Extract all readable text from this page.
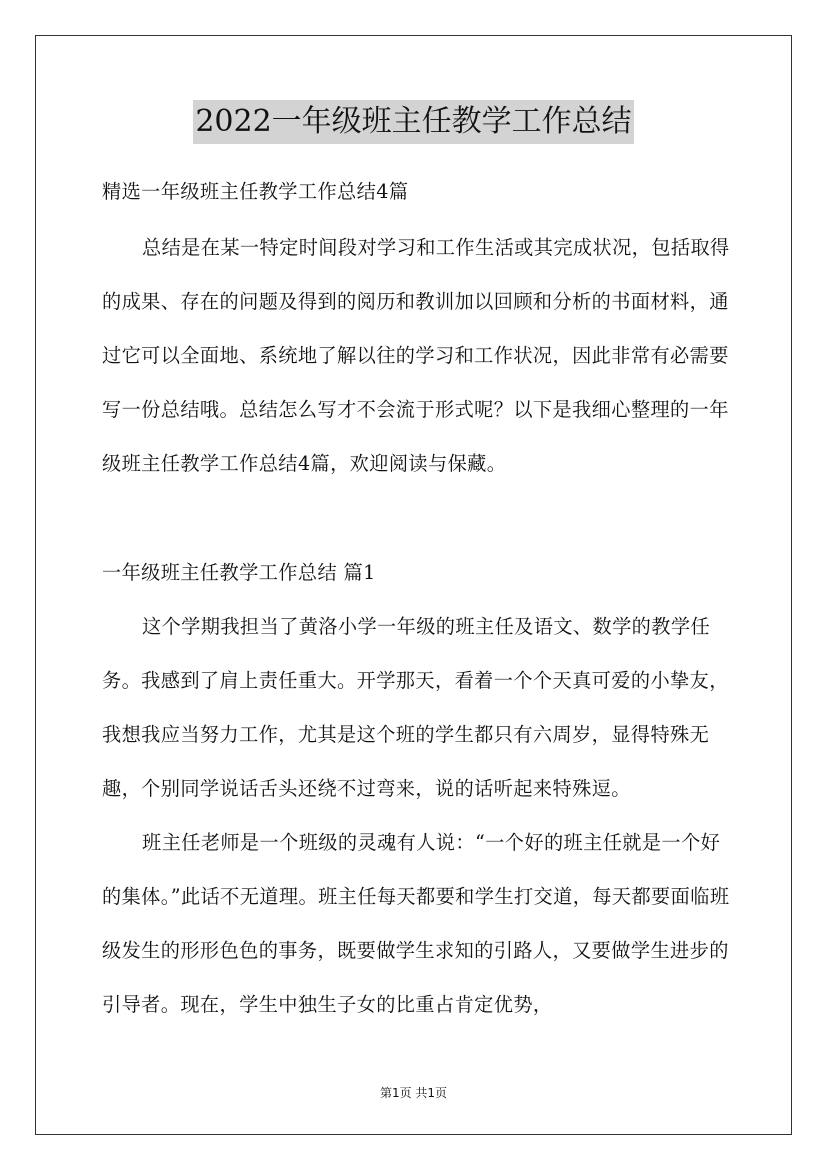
2022一年级班主任教学工作总结

精选一年级班主任教学工作总结4篇

总结是在某一特定时间段对学习和工作生活或其完成状况，包括取得的成果、存在的问题及得到的阅历和教训加以回顾和分析的书面材料，通过它可以全面地、系统地了解以往的学习和工作状况，因此非常有必需要写一份总结哦。总结怎么写才不会流于形式呢？以下是我细心整理的一年级班主任教学工作总结4篇，欢迎阅读与保藏。

一年级班主任教学工作总结 篇1

这个学期我担当了黄洛小学一年级的班主任及语文、数学的教学任务。我感到了肩上责任重大。开学那天，看着一个个天真可爱的小挚友，我想我应当努力工作，尤其是这个班的学生都只有六周岁，显得特殊无趣，个别同学说话舌头还绕不过弯来，说的话听起来特殊逗。

班主任老师是一个班级的灵魂有人说：“一个好的班主任就是一个好的集体。”此话不无道理。班主任每天都要和学生打交道，每天都要面临班级发生的形形色色的事务，既要做学生求知的引路人，又要做学生进步的引导者。现在，学生中独生子女的比重占肯定优势，

第1页 共1页
